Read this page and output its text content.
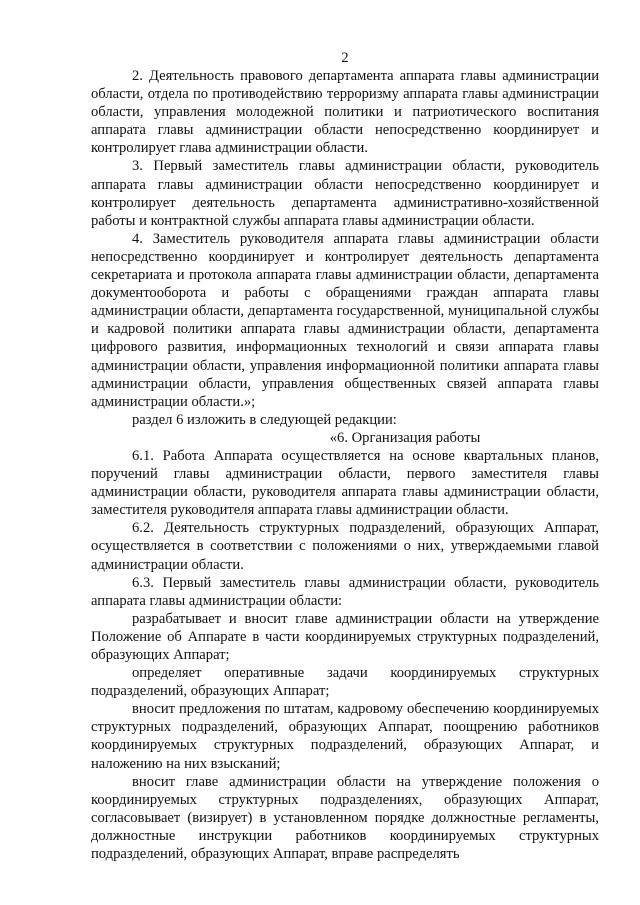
2

2. Деятельность правового департамента аппарата главы администрации области, отдела по противодействию терроризму аппарата главы администрации области, управления молодежной политики и патриотического воспитания аппарата главы администрации области непосредственно координирует и контролирует глава администрации области.

3. Первый заместитель главы администрации области, руководитель аппарата главы администрации области непосредственно координирует и контролирует деятельность департамента административно-хозяйственной работы и контрактной службы аппарата главы администрации области.

4. Заместитель руководителя аппарата главы администрации области непосредственно координирует и контролирует деятельность департамента секретариата и протокола аппарата главы администрации области, департамента документооборота и работы с обращениями граждан аппарата главы администрации области, департамента государственной, муниципальной службы и кадровой политики аппарата главы администрации области, департамента цифрового развития, информационных технологий и связи аппарата главы администрации области, управления информационной политики аппарата главы администрации области, управления общественных связей аппарата главы администрации области.»;

раздел 6 изложить в следующей редакции:

«6. Организация работы

6.1. Работа Аппарата осуществляется на основе квартальных планов, поручений главы администрации области, первого заместителя главы администрации области, руководителя аппарата главы администрации области, заместителя руководителя аппарата главы администрации области.

6.2. Деятельность структурных подразделений, образующих Аппарат, осуществляется в соответствии с положениями о них, утверждаемыми главой администрации области.

6.3. Первый заместитель главы администрации области, руководитель аппарата главы администрации области:

разрабатывает и вносит главе администрации области на утверждение Положение об Аппарате в части координируемых структурных подразделений, образующих Аппарат;

определяет оперативные задачи координируемых структурных подразделений, образующих Аппарат;

вносит предложения по штатам, кадровому обеспечению координируемых структурных подразделений, образующих Аппарат, поощрению работников координируемых структурных подразделений, образующих Аппарат, и наложению на них взысканий;

вносит главе администрации области на утверждение положения о координируемых структурных подразделениях, образующих Аппарат, согласовывает (визирует) в установленном порядке должностные регламенты, должностные инструкции работников координируемых структурных подразделений, образующих Аппарат, вправе распределять
